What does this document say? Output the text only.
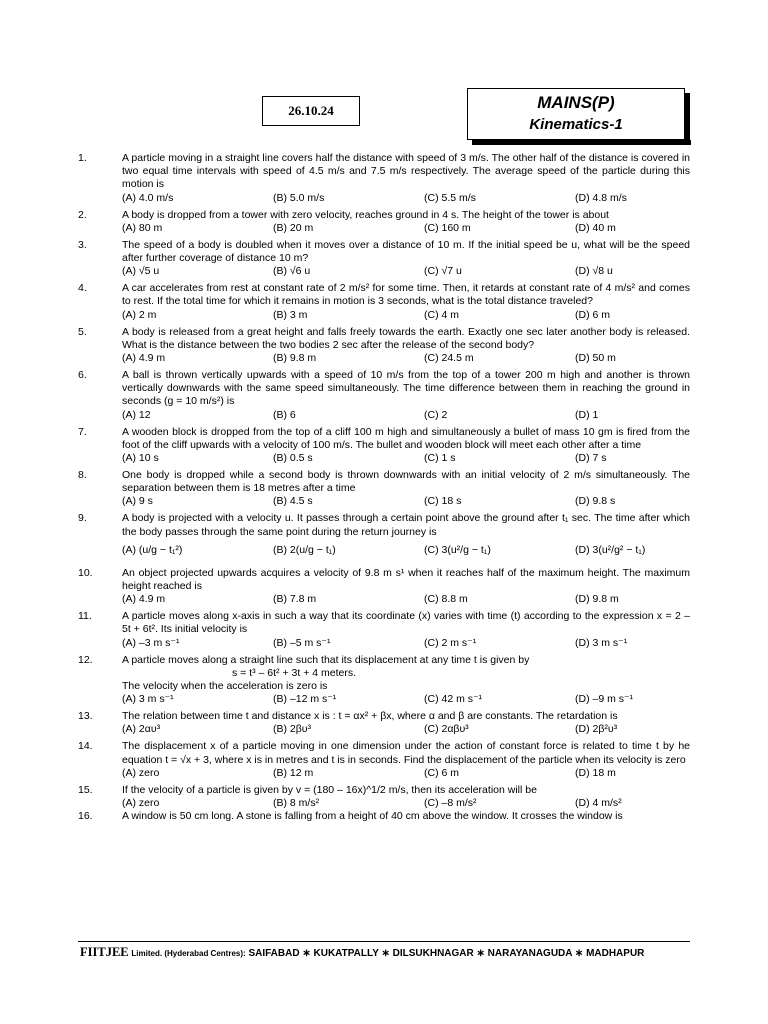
26.10.24	MAINS(P)
Kinematics-1
1.	A particle moving in a straight line covers half the distance with speed of 3 m/s. The other half of the distance is covered in two equal time intervals with speed of 4.5 m/s and 7.5 m/s respectively. The average speed of the particle during this motion is
(A) 4.0 m/s	(B) 5.0 m/s	(C) 5.5 m/s	(D) 4.8 m/s
2.	A body is dropped from a tower with zero velocity, reaches ground in 4 s. The height of the tower is about
(A) 80 m	(B) 20 m	(C) 160 m	(D) 40 m
3.	The speed of a body is doubled when it moves over a distance of 10 m. If the initial speed be u, what will be the speed after further coverage of distance 10 m?
(A) √5 u	(B) √6 u	(C) √7 u	(D) √8 u
4.	A car accelerates from rest at constant rate of 2 m/s² for some time. Then, it retards at constant rate of 4 m/s² and comes to rest. If the total time for which it remains in motion is 3 seconds, what is the total distance traveled?
(A) 2 m	(B) 3 m	(C) 4 m	(D) 6 m
5.	A body is released from a great height and falls freely towards the earth. Exactly one sec later another body is released. What is the distance between the two bodies 2 sec after the release of the second body?
(A) 4.9 m	(B) 9.8 m	(C) 24.5 m	(D) 50 m
6.	A ball is thrown vertically upwards with a speed of 10 m/s from the top of a tower 200 m high and another is thrown vertically downwards with the same speed simultaneously. The time difference between them in reaching the ground in seconds (g = 10 m/s²) is
(A) 12	(B) 6	(C) 2	(D) 1
7.	A wooden block is dropped from the top of a cliff 100 m high and simultaneously a bullet of mass 10 gm is fired from the foot of the cliff upwards with a velocity of 100 m/s. The bullet and wooden block will meet each other after a time
(A) 10 s	(B) 0.5 s	(C) 1 s	(D) 7 s
8.	One body is dropped while a second body is thrown downwards with an initial velocity of 2 m/s simultaneously. The separation between them is 18 metres after a time
(A) 9 s	(B) 4.5 s	(C) 18 s	(D) 9.8 s
9.	A body is projected with a velocity u. It passes through a certain point above the ground after t₁ sec. The time after which the body passes through the same point during the return journey is
(A) (u/g − t₁²)	(B) 2(u/g − t₁)	(C) 3(u²/g − t₁)	(D) 3(u²/g² − t₁)
10.	An object projected upwards acquires a velocity of 9.8 m s¹ when it reaches half of the maximum height. The maximum height reached is
(A) 4.9 m	(B) 7.8 m	(C) 8.8 m	(D) 9.8 m
11.	A particle moves along x-axis in such a way that its coordinate (x) varies with time (t) according to the expression x = 2 – 5t + 6t². Its initial velocity is
(A) –3 m s⁻¹	(B) –5 m s⁻¹	(C) 2 m s⁻¹	(D) 3 m s⁻¹
12.	A particle moves along a straight line such that its displacement at any time t is given by
s = t³ – 6t² + 3t + 4 meters.
The velocity when the acceleration is zero is
(A) 3 m s⁻¹	(B) –12 m s⁻¹	(C) 42 m s⁻¹	(D) –9 m s⁻¹
13.	The relation between time t and distance x is : t = αx² + βx, where α and β are constants. The retardation is
(A) 2αυ³	(B) 2βυ³	(C) 2αβυ³	(D) 2β²υ³
14.	The displacement x of a particle moving in one dimension under the action of constant force is related to time t by he equation t = √x + 3, where x is in metres and t is in seconds. Find the displacement of the particle when its velocity is zero
(A) zero	(B) 12 m	(C) 6 m	(D) 18 m
15.	If the velocity of a particle is given by v = (180 – 16x)^1/2 m/s, then its acceleration will be
(A) zero	(B) 8 m/s²	(C) –8 m/s²	(D) 4 m/s²
16.	A window is 50 cm long. A stone is falling from a height of 40 cm above the window. It crosses the window is
FIITJEE Limited. (Hyderabad Centres): SAIFABAD ∗ KUKATPALLY ∗ DILSUKHNAGAR ∗ NARAYANAGUDA ∗ MADHAPUR
